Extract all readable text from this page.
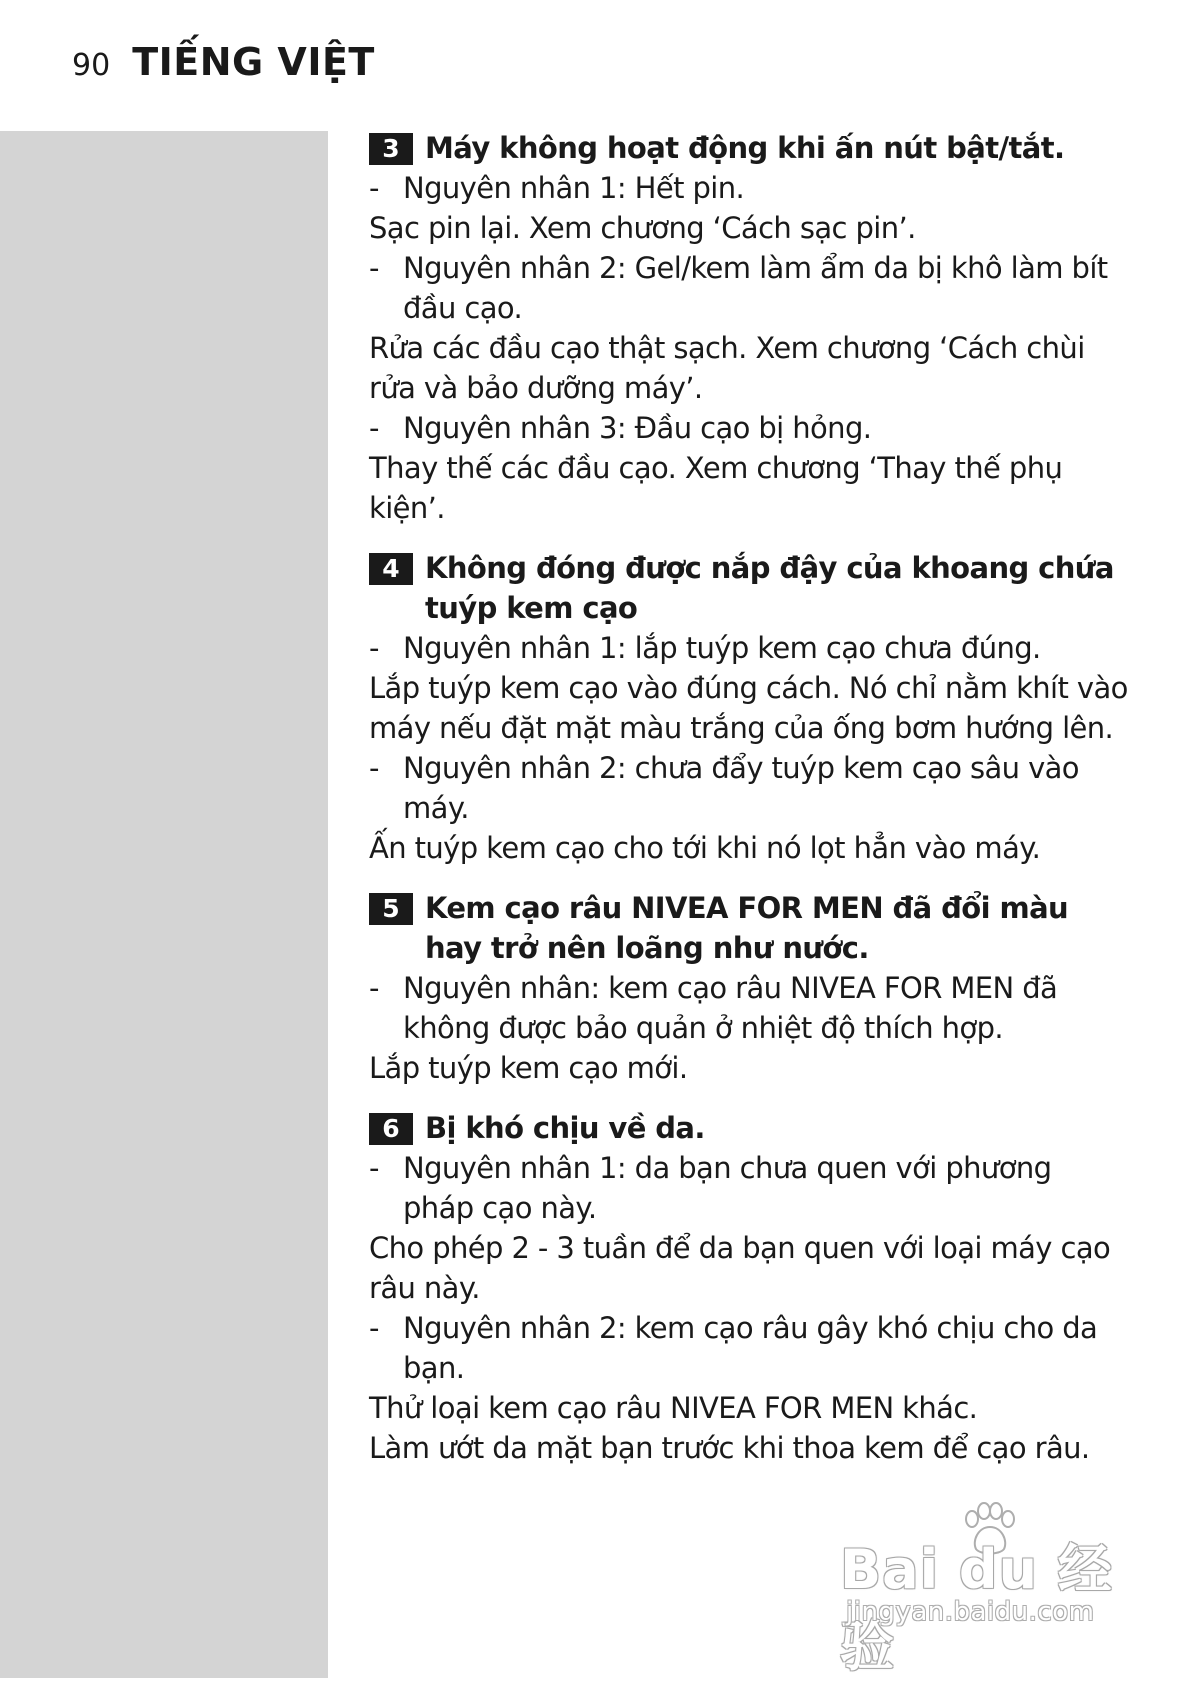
90 TIẾNG VIỆT
3 Máy không hoạt động khi ấn nút bật/tắt.
- Nguyên nhân 1: Hết pin.
Sạc pin lại. Xem chương ‘Cách sạc pin’.
- Nguyên nhân 2: Gel/kem làm ẩm da bị khô làm bít đầu cạo.
Rửa các đầu cạo thật sạch. Xem chương ‘Cách chùi rửa và bảo dưỡng máy’.
- Nguyên nhân 3: Đầu cạo bị hỏng.
Thay thế các đầu cạo. Xem chương ‘Thay thế phụ kiện’.
4 Không đóng được nắp đậy của khoang chứa tuýp kem cạo
- Nguyên nhân 1: lắp tuýp kem cạo chưa đúng.
Lắp tuýp kem cạo vào đúng cách. Nó chỉ nằm khít vào máy nếu đặt mặt màu trắng của ống bơm hướng lên.
- Nguyên nhân 2: chưa đẩy tuýp kem cạo sâu vào máy.
Ấn tuýp kem cạo cho tới khi nó lọt hẳn vào máy.
5 Kem cạo râu NIVEA FOR MEN đã đổi màu hay trở nên loãng như nước.
- Nguyên nhân: kem cạo râu NIVEA FOR MEN đã không được bảo quản ở nhiệt độ thích hợp.
Lắp tuýp kem cạo mới.
6 Bị khó chịu về da.
- Nguyên nhân 1: da bạn chưa quen với phương pháp cạo này.
Cho phép 2 - 3 tuần để da bạn quen với loại máy cạo râu này.
- Nguyên nhân 2: kem cạo râu gây khó chịu cho da bạn.
Thử loại kem cạo râu NIVEA FOR MEN khác.
Làm ướt da mặt bạn trước khi thoa kem để cạo râu.
Bai du 经验
jingyan.baidu.com
